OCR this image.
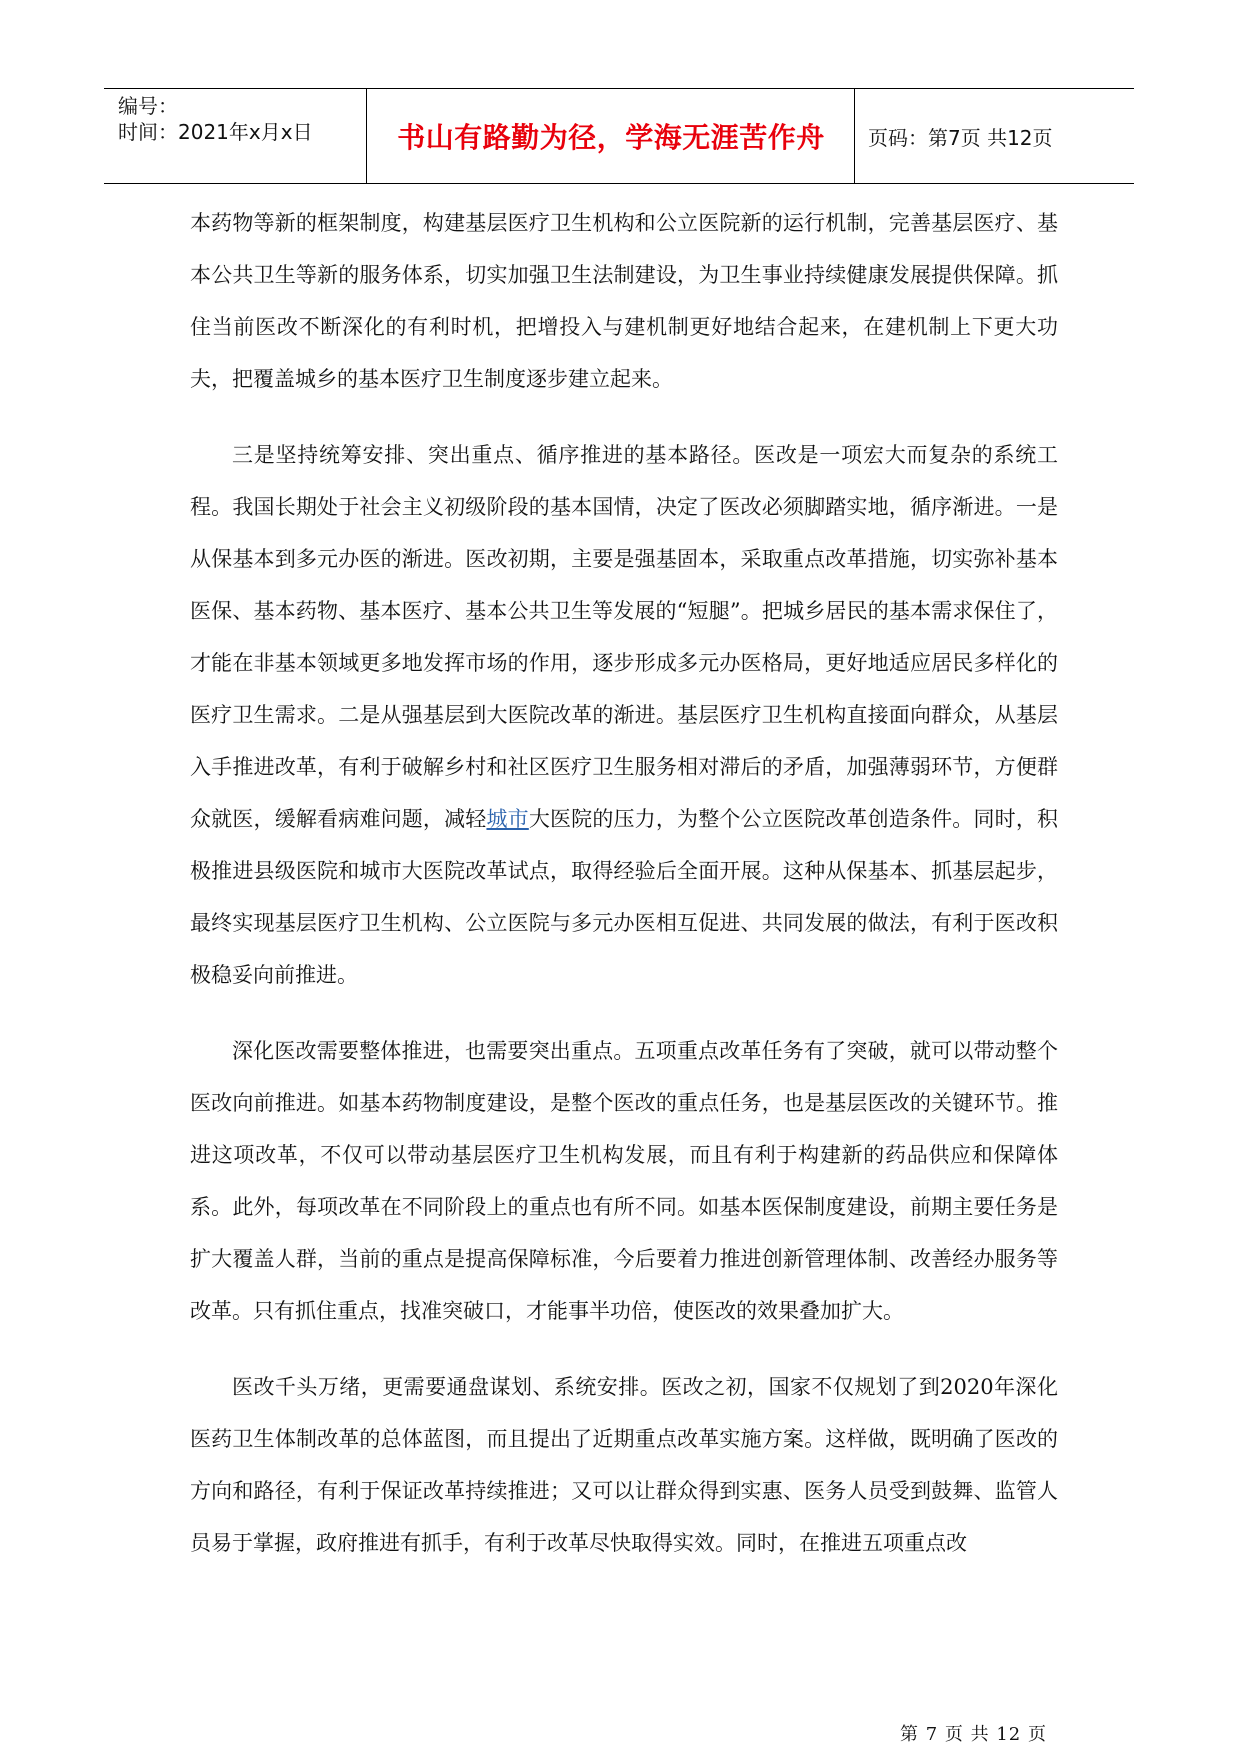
编号：
时间：2021年x月x日	书山有路勤为径，学海无涯苦作舟	页码：第7页 共12页

本药物等新的框架制度，构建基层医疗卫生机构和公立医院新的运行机制，完善基层医疗、基本公共卫生等新的服务体系，切实加强卫生法制建设，为卫生事业持续健康发展提供保障。抓住当前医改不断深化的有利时机，把增投入与建机制更好地结合起来，在建机制上下更大功夫，把覆盖城乡的基本医疗卫生制度逐步建立起来。

三是坚持统筹安排、突出重点、循序推进的基本路径。医改是一项宏大而复杂的系统工程。我国长期处于社会主义初级阶段的基本国情，决定了医改必须脚踏实地，循序渐进。一是从保基本到多元办医的渐进。医改初期，主要是强基固本，采取重点改革措施，切实弥补基本医保、基本药物、基本医疗、基本公共卫生等发展的“短腿”。把城乡居民的基本需求保住了，才能在非基本领域更多地发挥市场的作用，逐步形成多元办医格局，更好地适应居民多样化的医疗卫生需求。二是从强基层到大医院改革的渐进。基层医疗卫生机构直接面向群众，从基层入手推进改革，有利于破解乡村和社区医疗卫生服务相对滞后的矛盾，加强薄弱环节，方便群众就医，缓解看病难问题，减轻城市大医院的压力，为整个公立医院改革创造条件。同时，积极推进县级医院和城市大医院改革试点，取得经验后全面开展。这种从保基本、抓基层起步，最终实现基层医疗卫生机构、公立医院与多元办医相互促进、共同发展的做法，有利于医改积极稳妥向前推进。

深化医改需要整体推进，也需要突出重点。五项重点改革任务有了突破，就可以带动整个医改向前推进。如基本药物制度建设，是整个医改的重点任务，也是基层医改的关键环节。推进这项改革，不仅可以带动基层医疗卫生机构发展，而且有利于构建新的药品供应和保障体系。此外，每项改革在不同阶段上的重点也有所不同。如基本医保制度建设，前期主要任务是扩大覆盖人群，当前的重点是提高保障标准，今后要着力推进创新管理体制、改善经办服务等改革。只有抓住重点，找准突破口，才能事半功倍，使医改的效果叠加扩大。

医改千头万绪，更需要通盘谋划、系统安排。医改之初，国家不仅规划了到2020年深化医药卫生体制改革的总体蓝图，而且提出了近期重点改革实施方案。这样做，既明确了医改的方向和路径，有利于保证改革持续推进；又可以让群众得到实惠、医务人员受到鼓舞、监管人员易于掌握，政府推进有抓手，有利于改革尽快取得实效。同时，在推进五项重点改

第 7 页 共 12 页
